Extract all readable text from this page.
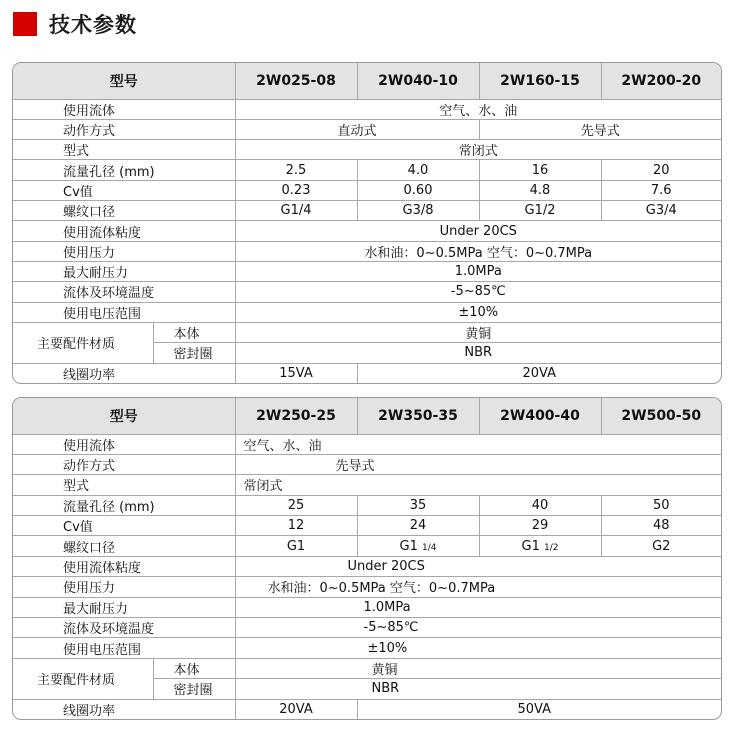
技术参数
型号		2W025-08	2W040-10	2W160-15	2W200-20
使用流体		空气、水、油			
动作方式		直动式		先导式	
型式		常闭式			
流量孔径 (mm)		2.5	4.0	16	20
Cv值		0.23	0.60	4.8	7.6
螺纹口径		G1/4	G3/8	G1/2	G3/4
使用流体粘度		Under 20CS			
使用压力		水和油：0~0.5MPa 空气：0~0.7MPa			
最大耐压力		1.0MPa			
流体及环境温度		-5~85℃			
使用电压范围		±10%			
主要配件材质	本体	黄铜			
	密封圈	NBR			
线圈功率		15VA	20VA		
型号		2W250-25	2W350-35	2W400-40	2W500-50
使用流体		空气、水、油			
动作方式		先导式			
型式		常闭式			
流量孔径 (mm)		25	35	40	50
Cv值		12	24	29	48
螺纹口径		G1	G1 1/4	G1 1/2	G2
使用流体粘度		Under 20CS			
使用压力		水和油：0~0.5MPa 空气：0~0.7MPa			
最大耐压力		1.0MPa			
流体及环境温度		-5~85℃			
使用电压范围		±10%			
主要配件材质	本体	黄铜			
	密封圈	NBR			
线圈功率		20VA	50VA		
